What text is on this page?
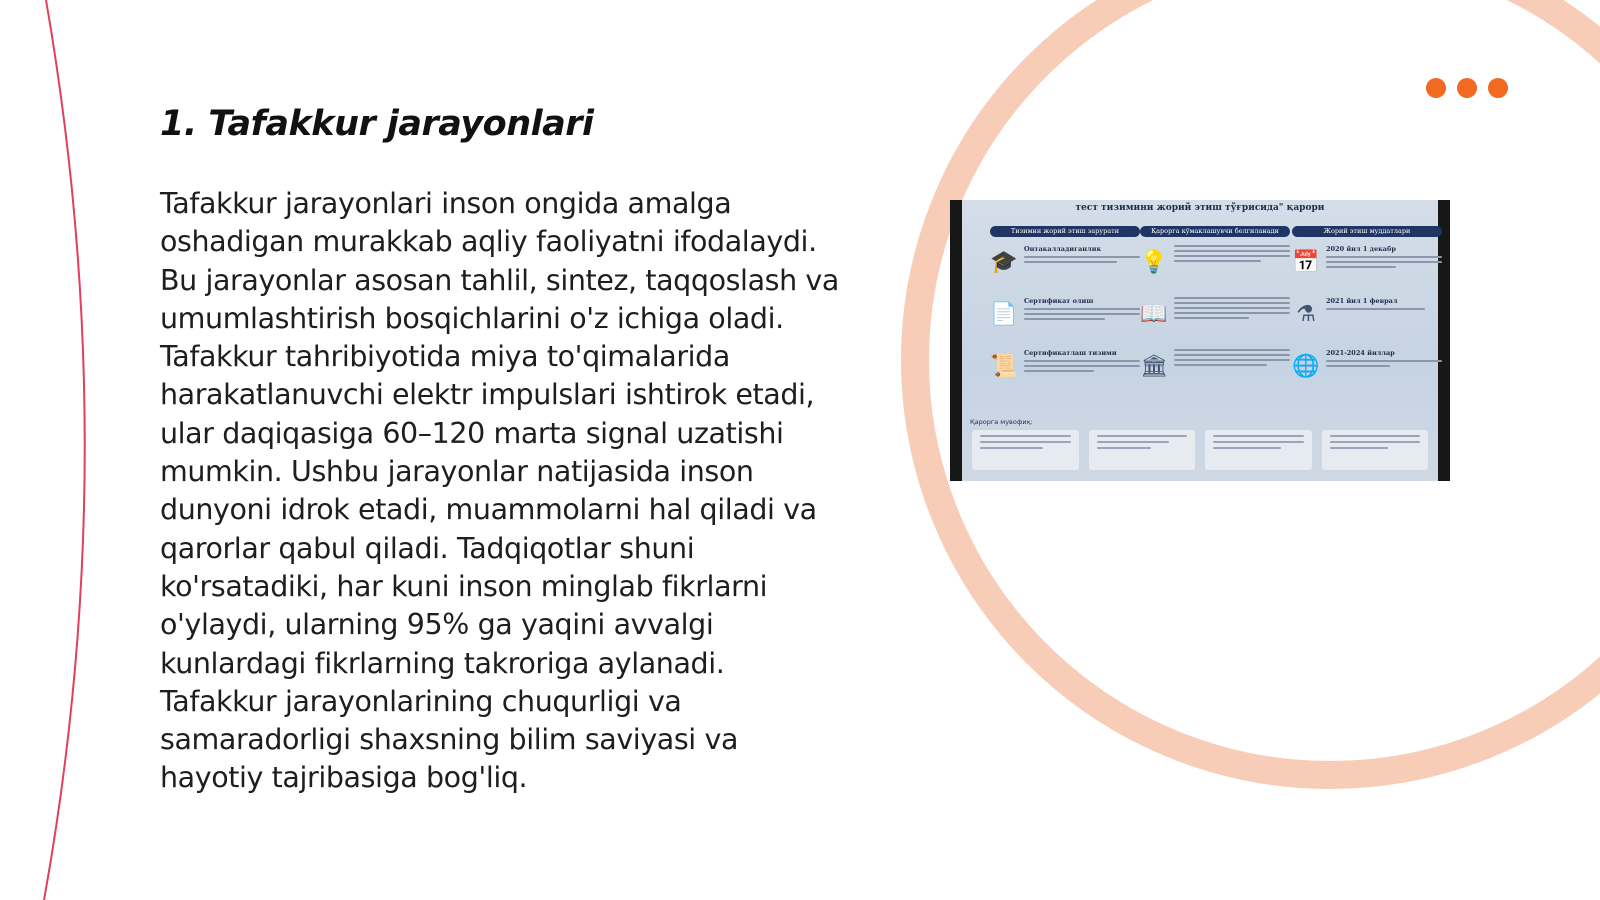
1. Tafakkur jarayonlari

Tafakkur jarayonlari inson ongida amalga oshadigan murakkab aqliy faoliyatni ifodalaydi. Bu jarayonlar asosan tahlil, sintez, taqqoslash va umumlashtirish bosqichlarini o'z ichiga oladi. Tafakkur tahribiyotida miya to'qimalarida harakatlanuvchi elektr impulslari ishtirok etadi, ular daqiqasiga 60–120 marta signal uzatishi mumkin. Ushbu jarayonlar natijasida inson dunyoni idrok etadi, muammolarni hal qiladi va qarorlar qabul qiladi. Tadqiqotlar shuni ko'rsatadiki, har kuni inson minglab fikrlarni o'ylaydi, ularning 95% ga yaqini avvalgi kunlardagi fikrlarning takroriga aylanadi. Tafakkur jarayonlarining chuqurligi va samaradorligi shaxsning bilim saviyasi va hayotiy tajribasiga bog'liq.

тест тизимини жорий этиш тўғрисида" қарори
Тизимни жорий этиш зарурати
🎓
Онтакалладиганлик
📄
Сертификат олиш
📜
Сертификатлаш тизими
Қарорга кўмаклашувчи белгиланади
💡
📖
🏛
Жорий этиш муддатлари
📅
2020 йил 1 декабр
⚗
2021 йил 1 феврал
🌐
2021-2024 йиллар
Қарорга мувофиқ:
